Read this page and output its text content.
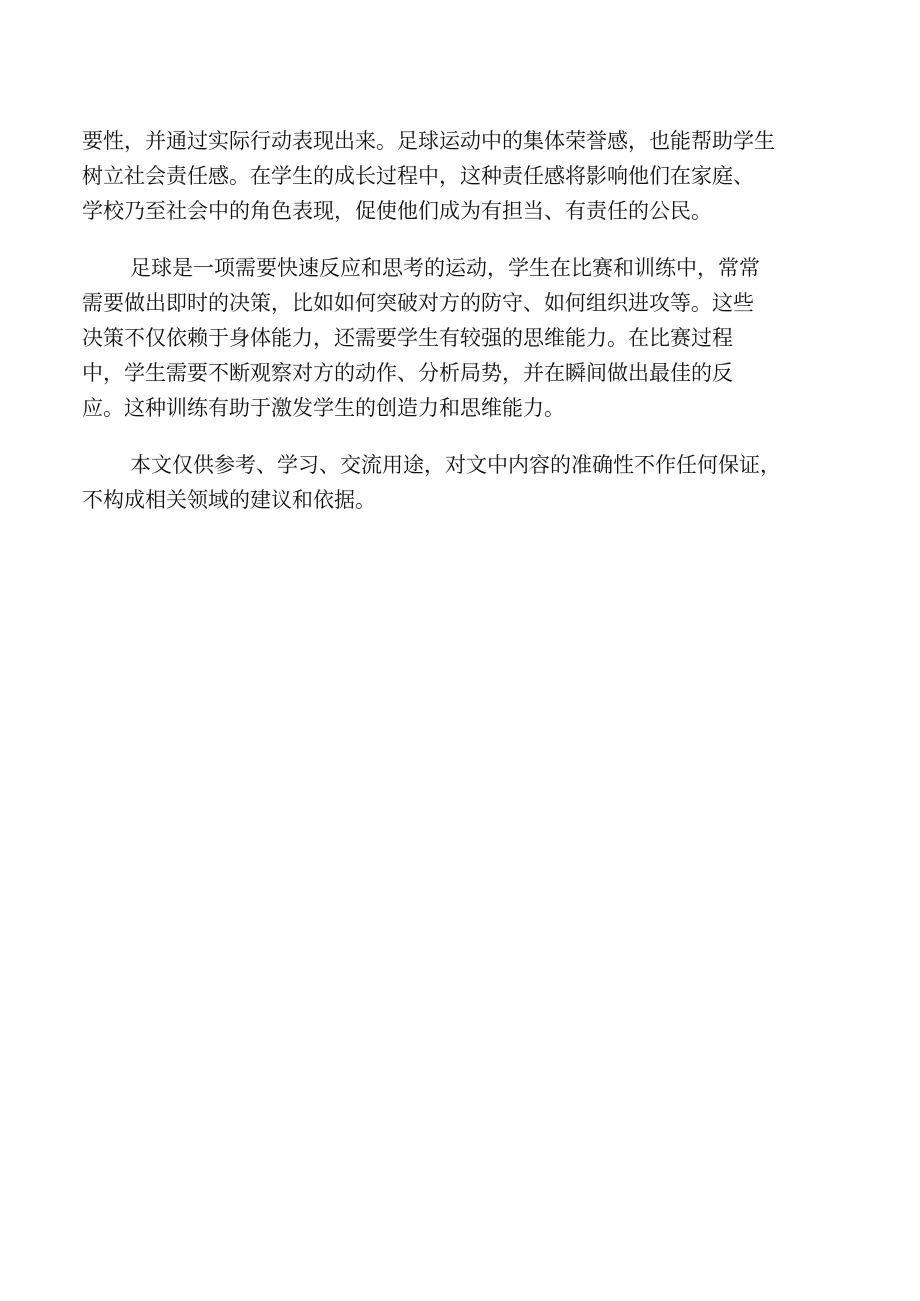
要性，并通过实际行动表现出来。足球运动中的集体荣誉感，也能帮助学生
树立社会责任感。在学生的成长过程中，这种责任感将影响他们在家庭、
学校乃至社会中的角色表现，促使他们成为有担当、有责任的公民。

足球是一项需要快速反应和思考的运动，学生在比赛和训练中，常常
需要做出即时的决策，比如如何突破对方的防守、如何组织进攻等。这些
决策不仅依赖于身体能力，还需要学生有较强的思维能力。在比赛过程
中，学生需要不断观察对方的动作、分析局势，并在瞬间做出最佳的反
应。这种训练有助于激发学生的创造力和思维能力。

本文仅供参考、学习、交流用途，对文中内容的准确性不作任何保证，
不构成相关领域的建议和依据。
